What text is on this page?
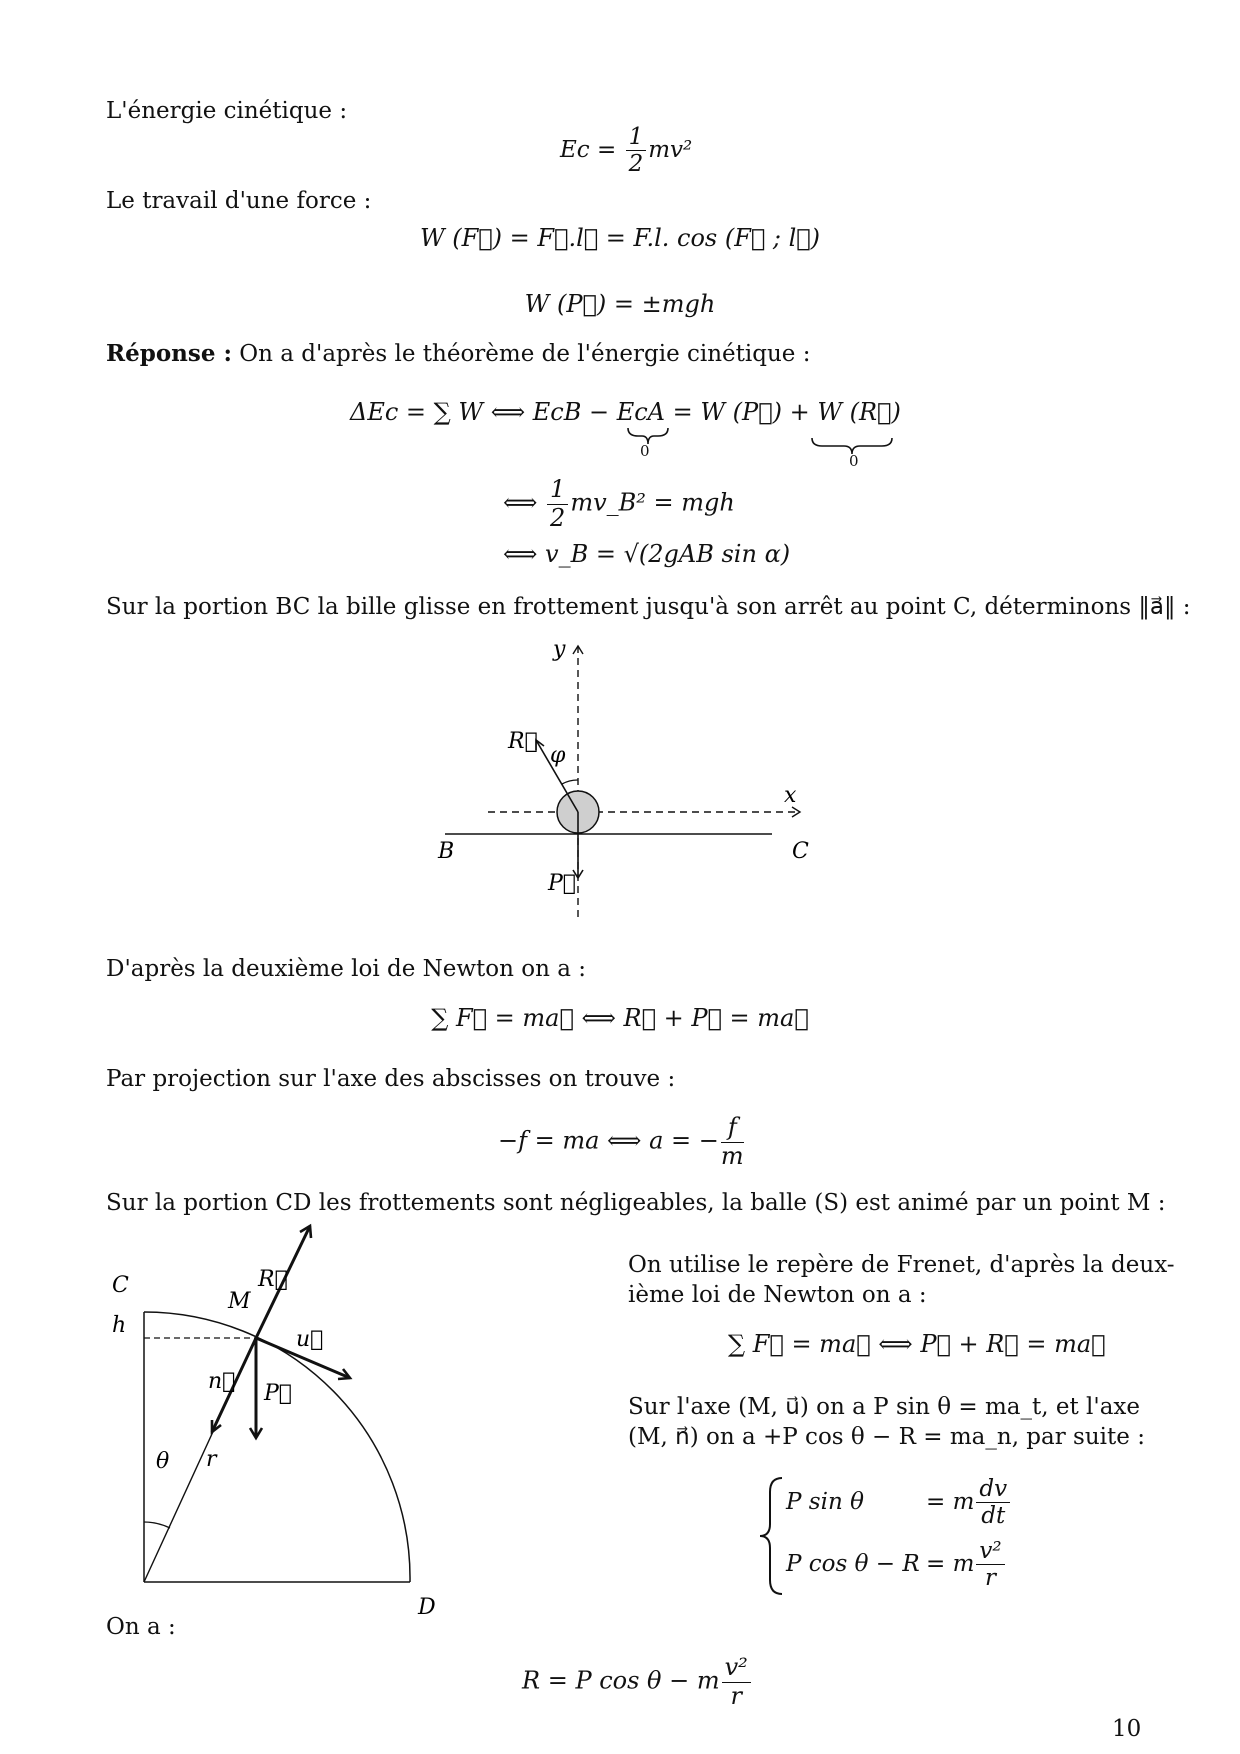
L'énergie cinétique :
$Ec = \frac{1}{2} mv^2$
Le travail d'une force :
W (F⃗) = F⃗.l⃗ = F.l. cos (F⃗ ; l⃗)
W (P⃗) = ±mgh
Réponse : On a d'après le théorème de l'énergie cinétique :
ΔEc = ∑ W ⟺ EcB − EcA = W (P⃗) + W (R⃗)
0
0
⟺ $\frac{1}{2}$ mv_B² = mgh
⟺ v_B = √(2gAB sin α)
Sur la portion BC la bille glisse en frottement jusqu'à son arrêt au point C, déterminons ‖a⃗‖ :
y
x
R⃗
φ
P⃗
B	C
D'après la deuxième loi de Newton on a :
∑ F⃗ = ma⃗ ⟺ R⃗ + P⃗ = ma⃗
Par projection sur l'axe des abscisses on trouve :
−f = ma ⟺ a = − $\frac{f}{m}$
Sur la portion CD les frottements sont négligeables, la balle (S) est animé par un point M :
C
h
M
R⃗
u⃗
n⃗ P⃗
θ r
D
On utilise le repère de Frenet, d'après la deux-
ième loi de Newton on a :
∑ F⃗ = ma⃗ ⟺ P⃗ + R⃗ = ma⃗
Sur l'axe (M, u⃗) on a P sin θ = ma_t, et l'axe
(M, n⃗) on a +P cos θ − R = ma_n, par suite :
P sin θ	= m $\frac{dv}{dt}$
P cos θ − R = m $\frac{\text{v²}}{r}$
On a :
R = P cos θ − m $\frac{\text{v²}}{r}$
10
